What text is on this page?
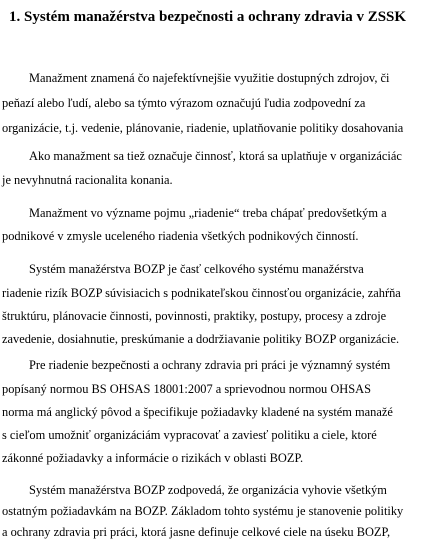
1. Systém manažérstva bezpečnosti a ochrany zdravia v ZSSK
Manažment znamená čo najefektívnejšie využitie dostupných zdrojov, či
peňazí alebo ľudí, alebo sa týmto výrazom označujú ľudia zodpovední za
organizácie, t.j. vedenie, plánovanie, riadenie, uplatňovanie politiky dosahovania
Ako manažment sa tiež označuje činnosť, ktorá sa uplatňuje v organizáciác
je nevyhnutná racionalita konania.
Manažment vo význame pojmu „riadenie“ treba chápať predovšetkým a
podnikové v zmysle uceleného riadenia všetkých podnikových činností.
Systém manažérstva BOZP je časť celkového systému manažérstva
riadenie rizík BOZP súvisiacich s podnikateľskou činnosťou organizácie, zahŕňa
štruktúru, plánovacie činnosti, povinnosti, praktiky, postupy, procesy a zdroje
zavedenie, dosiahnutie, preskúmanie a dodržiavanie politiky BOZP organizácie.
Pre riadenie bezpečnosti a ochrany zdravia pri práci je významný systém
popísaný normou BS OHSAS 18001:2007 a sprievodnou normou OHSAS
norma má anglický pôvod a špecifikuje požiadavky kladené na systém manažé
s cieľom umožniť organizáciám vypracovať a zaviesť politiku a ciele, ktoré
zákonné požiadavky a informácie o rizikách v oblasti BOZP.
Systém manažérstva BOZP zodpovedá, že organizácia vyhovie všetkým
ostatným požiadavkám na BOZP. Základom tohto systému je stanovenie politiky
a ochrany zdravia pri práci, ktorá jasne definuje celkové ciele na úseku BOZP,
